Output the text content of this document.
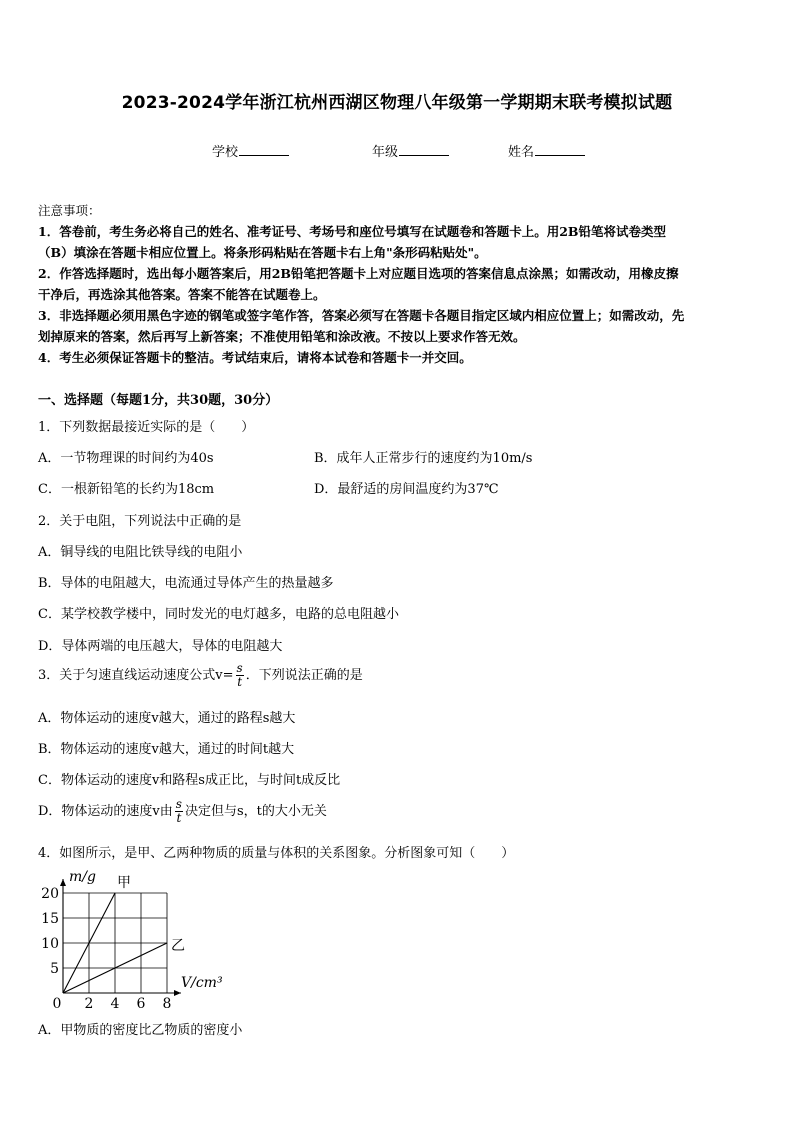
2023-2024学年浙江杭州西湖区物理八年级第一学期期末联考模拟试题
学校	年级	姓名
注意事项：

1．答卷前，考生务必将自己的姓名、准考证号、考场号和座位号填写在试题卷和答题卡上。用2B铅笔将试卷类型

（B）填涂在答题卡相应位置上。将条形码粘贴在答题卡右上角"条形码粘贴处"。

2．作答选择题时，选出每小题答案后，用2B铅笔把答题卡上对应题目选项的答案信息点涂黑；如需改动，用橡皮擦

干净后，再选涂其他答案。答案不能答在试题卷上。

3．非选择题必须用黑色字迹的钢笔或签字笔作答，答案必须写在答题卡各题目指定区域内相应位置上；如需改动，先

划掉原来的答案，然后再写上新答案；不准使用铅笔和涂改液。不按以上要求作答无效。

4．考生必须保证答题卡的整洁。考试结束后，请将本试卷和答题卡一并交回。

一、选择题（每题1分，共30题，30分）
1．下列数据最接近实际的是（　　）
A．一节物理课的时间约为40s	B．成年人正常步行的速度约为10m/s
C．一根新铅笔的长约为18cm	D．最舒适的房间温度约为37℃
2．关于电阻，下列说法中正确的是
A．铜导线的电阻比铁导线的电阻小
B．导体的电阻越大，电流通过导体产生的热量越多
C．某学校教学楼中，同时发光的电灯越多，电路的总电阻越小
D．导体两端的电压越大，导体的电阻越大
3．关于匀速直线运动速度公式$v= \frac{s}{t}$ ．下列说法正确的是
A．物体运动的速度v越大，通过的路程s越大
B．物体运动的速度v越大，通过的时间t越大
C．物体运动的速度v和路程s成正比，与时间t成反比
D．物体运动的速度v由 $\frac{s}{t}$ 决定但与s，t的大小无关
4．如图所示，是甲、乙两种物质的质量与体积的关系图象。分析图象可知（　　）
甲
乙
0 2 4 6 8
5
10
15
20
m/g
V/cm³
A．甲物质的密度比乙物质的密度小
